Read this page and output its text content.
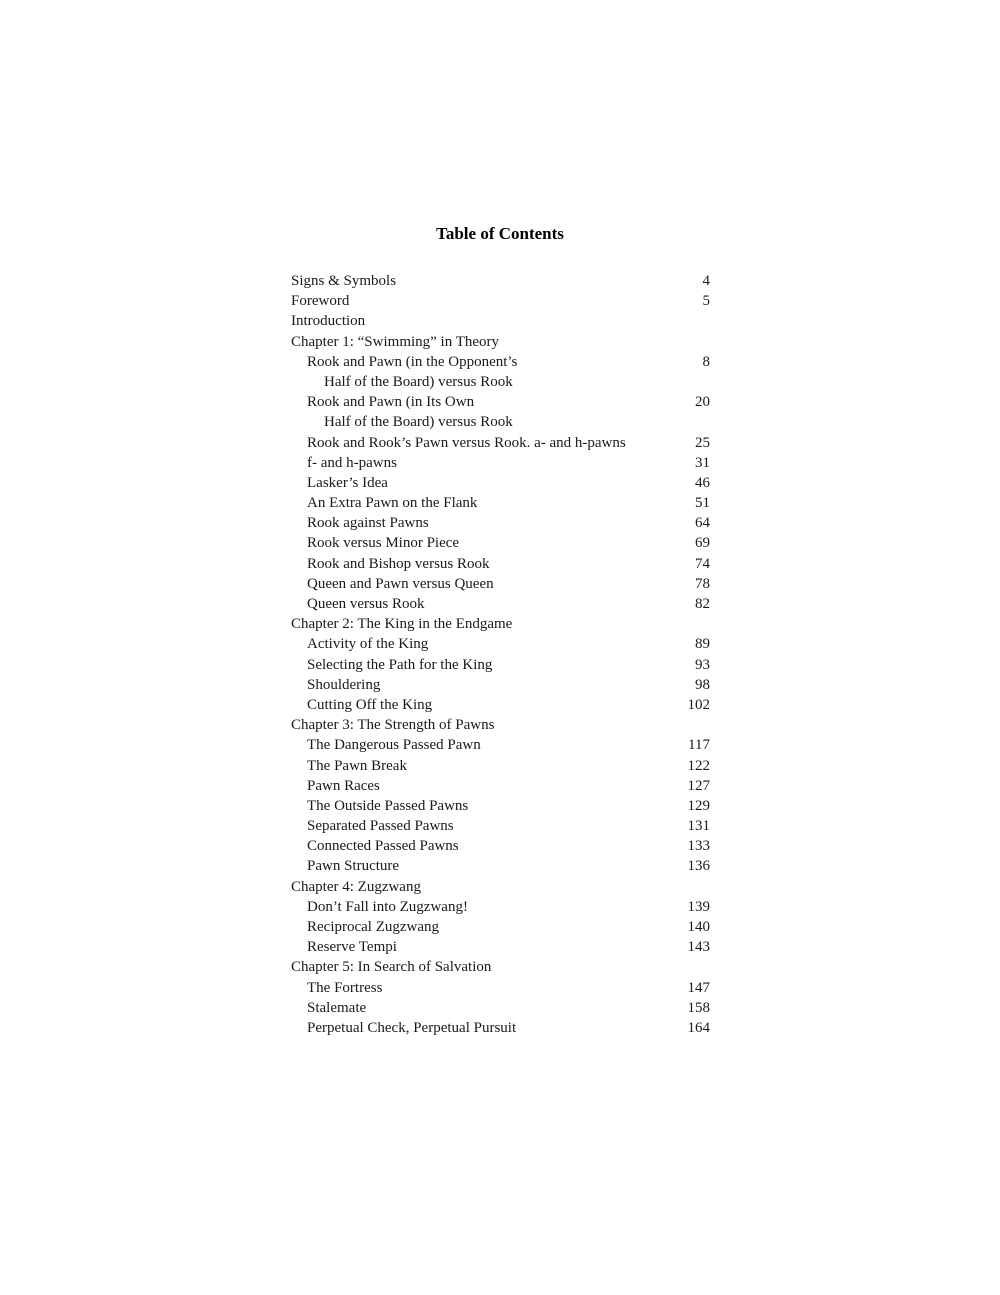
Table of Contents
Signs & Symbols	4
Foreword	5
Introduction
Chapter 1: “Swimming” in Theory
Rook and Pawn (in the Opponent’s	8
Half of the Board) versus Rook
Rook and Pawn (in Its Own	20
Half of the Board) versus Rook
Rook and Rook’s Pawn versus Rook. a- and h-pawns	25
f- and h-pawns	31
Lasker’s Idea	46
An Extra Pawn on the Flank	51
Rook against Pawns	64
Rook versus Minor Piece	69
Rook and Bishop versus Rook	74
Queen and Pawn versus Queen	78
Queen versus Rook	82
Chapter 2: The King in the Endgame
Activity of the King	89
Selecting the Path for the King	93
Shouldering	98
Cutting Off the King	102
Chapter 3: The Strength of Pawns
The Dangerous Passed Pawn	117
The Pawn Break	122
Pawn Races	127
The Outside Passed Pawns	129
Separated Passed Pawns	131
Connected Passed Pawns	133
Pawn Structure	136
Chapter 4: Zugzwang
Don’t Fall into Zugzwang!	139
Reciprocal Zugzwang	140
Reserve Tempi	143
Chapter 5: In Search of Salvation
The Fortress	147
Stalemate	158
Perpetual Check, Perpetual Pursuit	164
